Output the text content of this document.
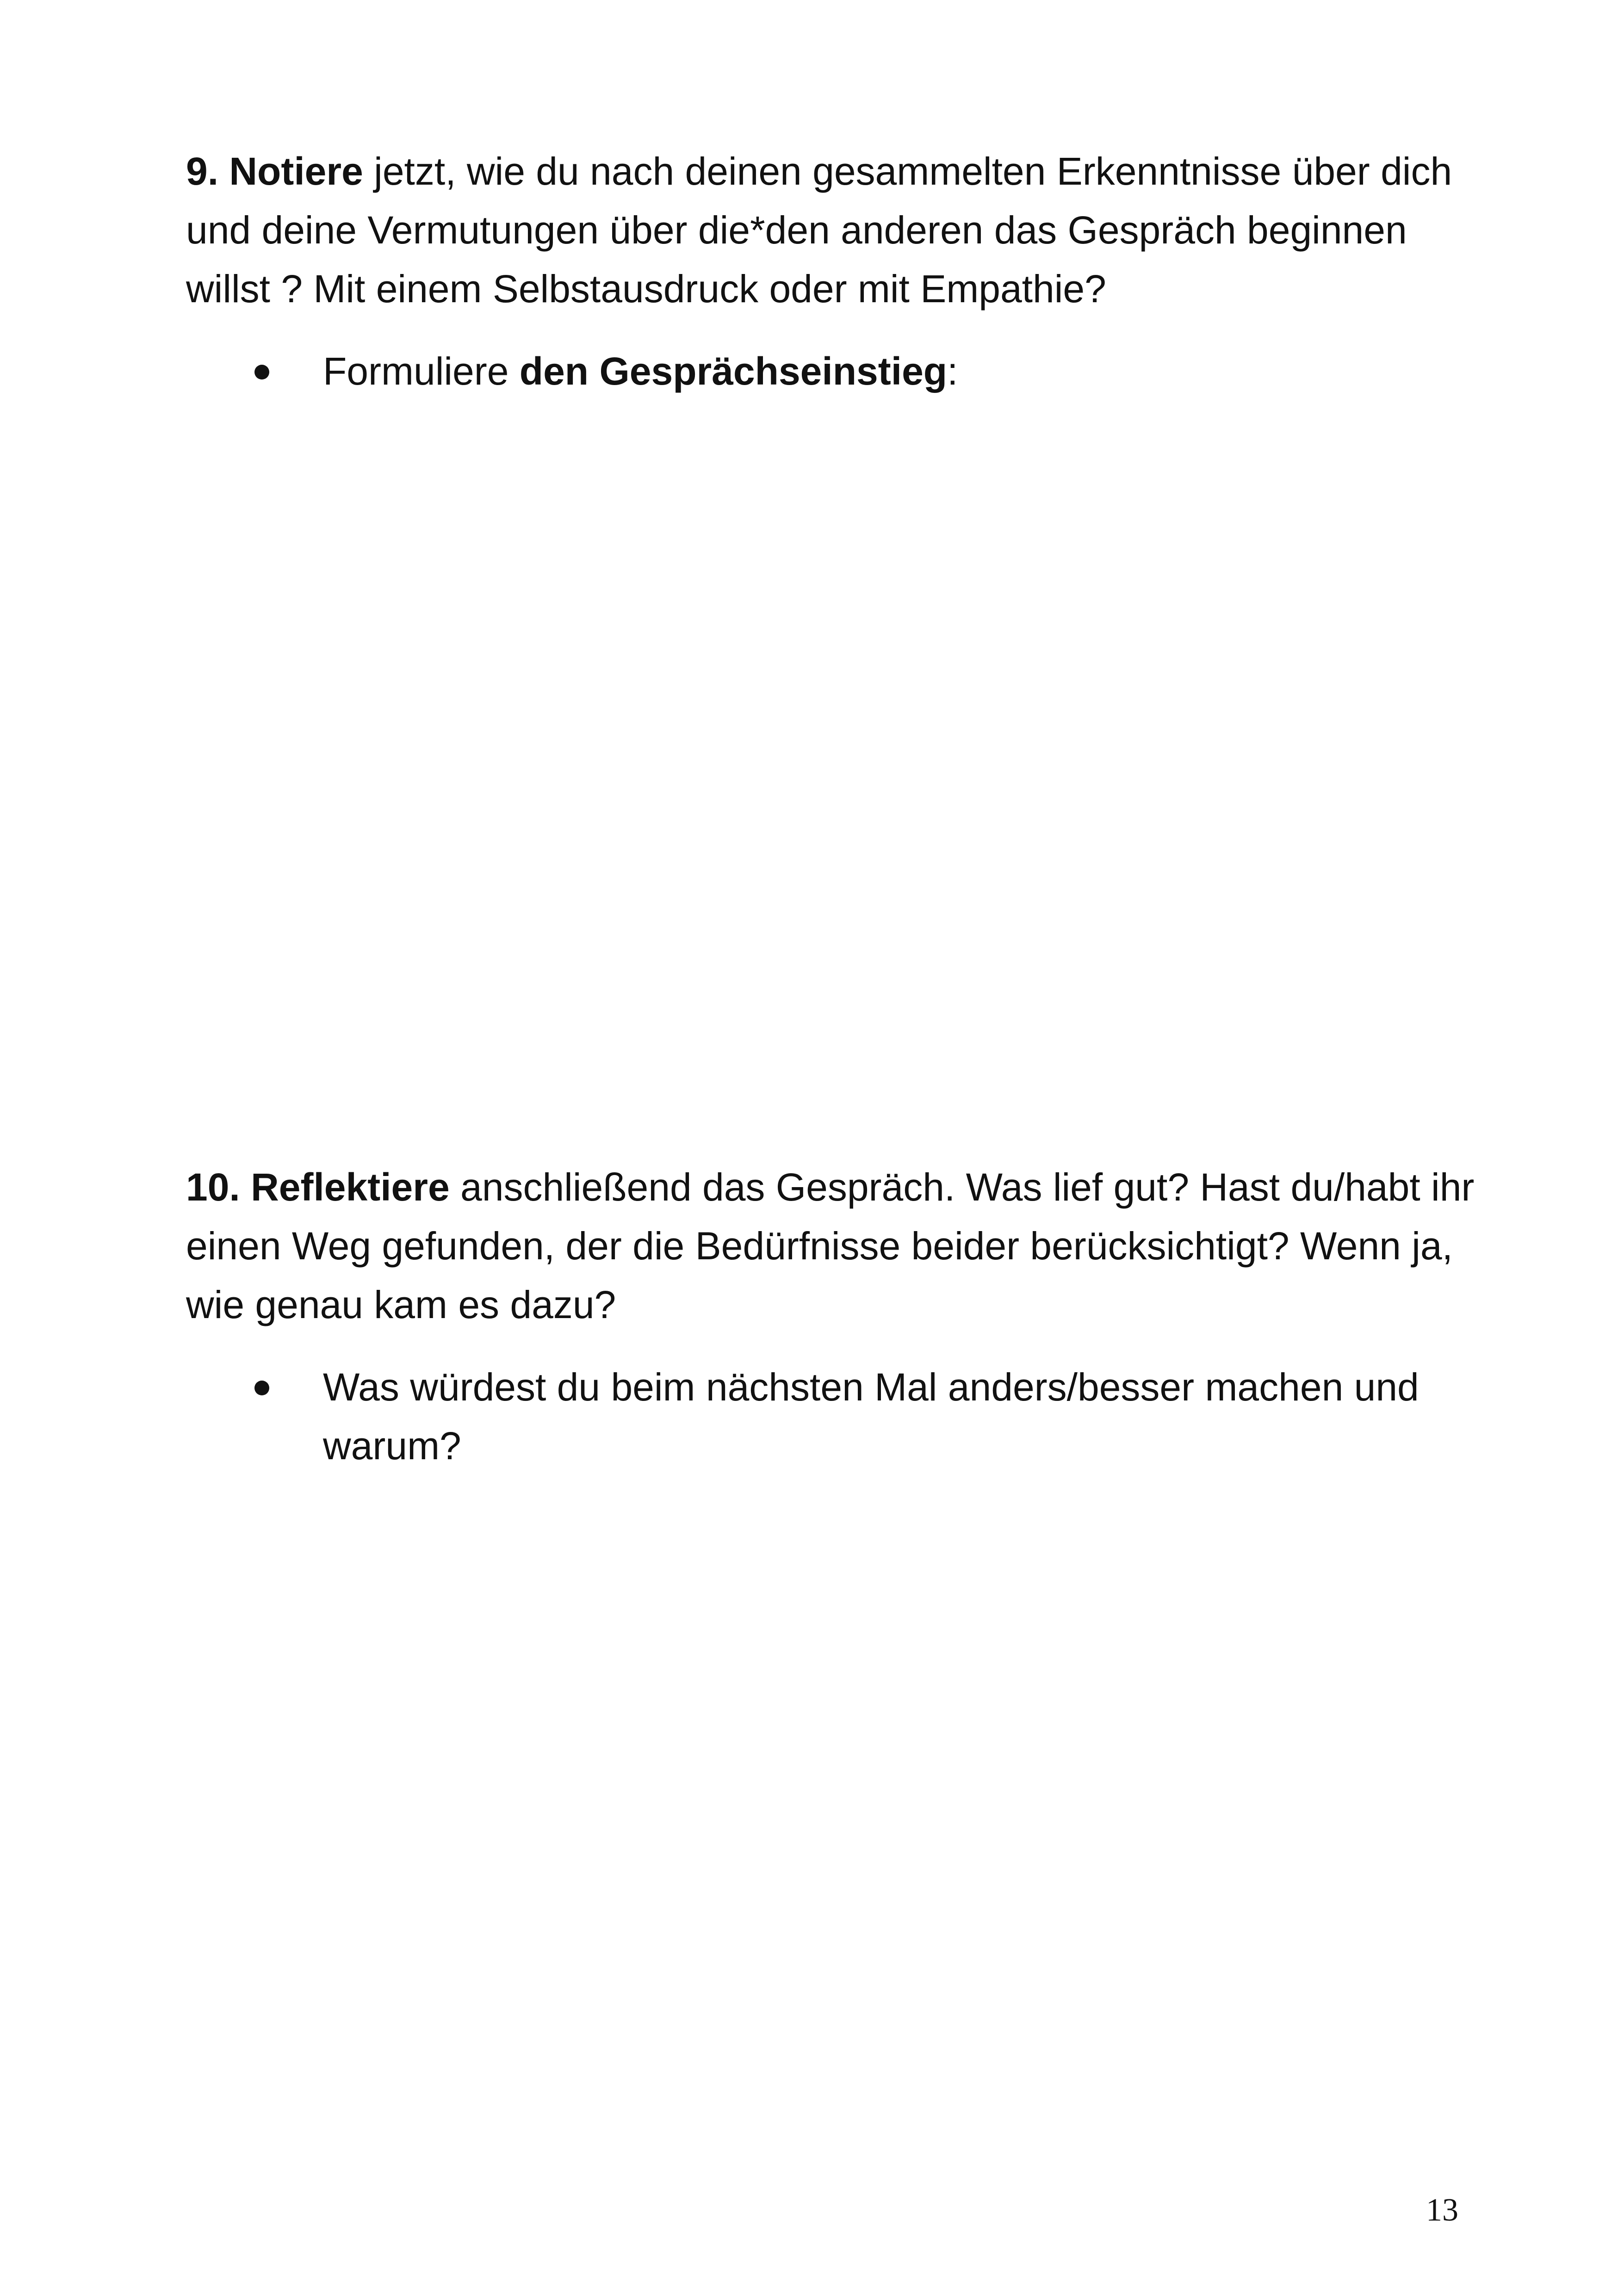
9. Notiere jetzt, wie du nach deinen gesammelten Erkenntnisse über dich und deine Vermutungen über die*den anderen das Gespräch beginnen willst ? Mit einem Selbstausdruck oder mit Empathie?

Formuliere den Gesprächseinstieg:

10. Reflektiere anschließend das Gespräch. Was lief gut? Hast du/habt ihr einen Weg gefunden, der die Bedürfnisse beider berücksichtigt? Wenn ja, wie genau kam es dazu?

Was würdest du beim nächsten Mal anders/besser machen und warum?
13
